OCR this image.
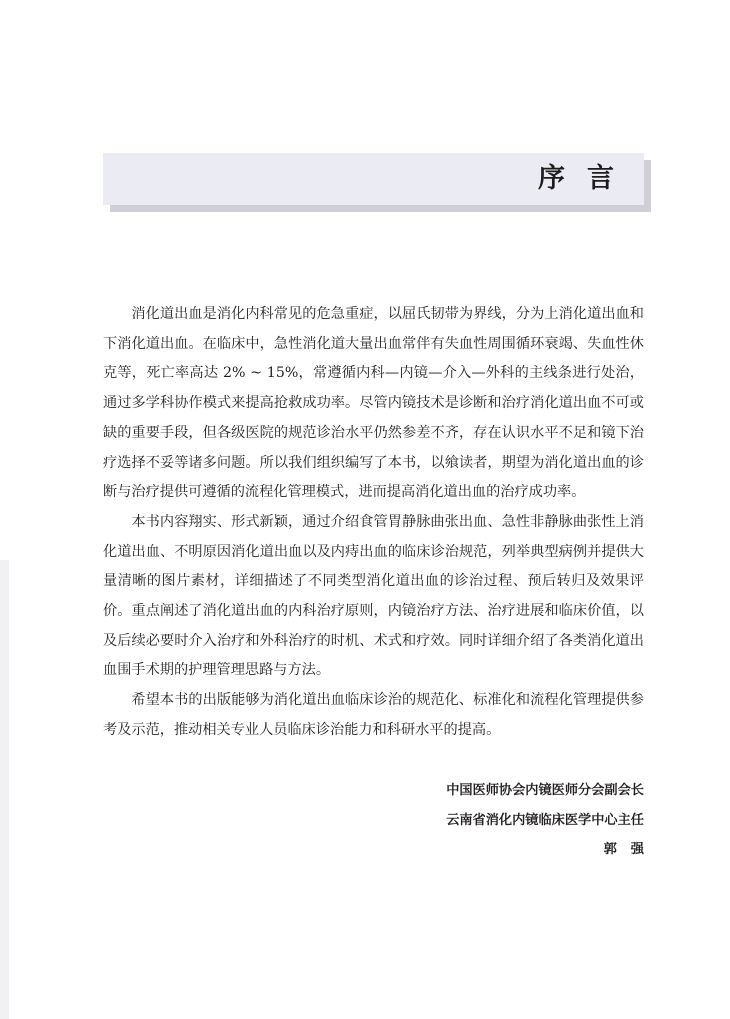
序言

消化道出血是消化内科常见的危急重症，以屈氏韧带为界线，分为上消化道出血和下消化道出血。在临床中，急性消化道大量出血常伴有失血性周围循环衰竭、失血性休克等，死亡率高达 2% ~ 15%，常遵循内科—内镜—介入—外科的主线条进行处治，通过多学科协作模式来提高抢救成功率。尽管内镜技术是诊断和治疗消化道出血不可或缺的重要手段，但各级医院的规范诊治水平仍然参差不齐，存在认识水平不足和镜下治疗选择不妥等诸多问题。所以我们组织编写了本书，以飨读者，期望为消化道出血的诊断与治疗提供可遵循的流程化管理模式，进而提高消化道出血的治疗成功率。

本书内容翔实、形式新颖，通过介绍食管胃静脉曲张出血、急性非静脉曲张性上消化道出血、不明原因消化道出血以及内痔出血的临床诊治规范，列举典型病例并提供大量清晰的图片素材，详细描述了不同类型消化道出血的诊治过程、预后转归及效果评价。重点阐述了消化道出血的内科治疗原则，内镜治疗方法、治疗进展和临床价值，以及后续必要时介入治疗和外科治疗的时机、术式和疗效。同时详细介绍了各类消化道出血围手术期的护理管理思路与方法。

希望本书的出版能够为消化道出血临床诊治的规范化、标准化和流程化管理提供参考及示范，推动相关专业人员临床诊治能力和科研水平的提高。

中国医师协会内镜医师分会副会长
云南省消化内镜临床医学中心主任
郭强
